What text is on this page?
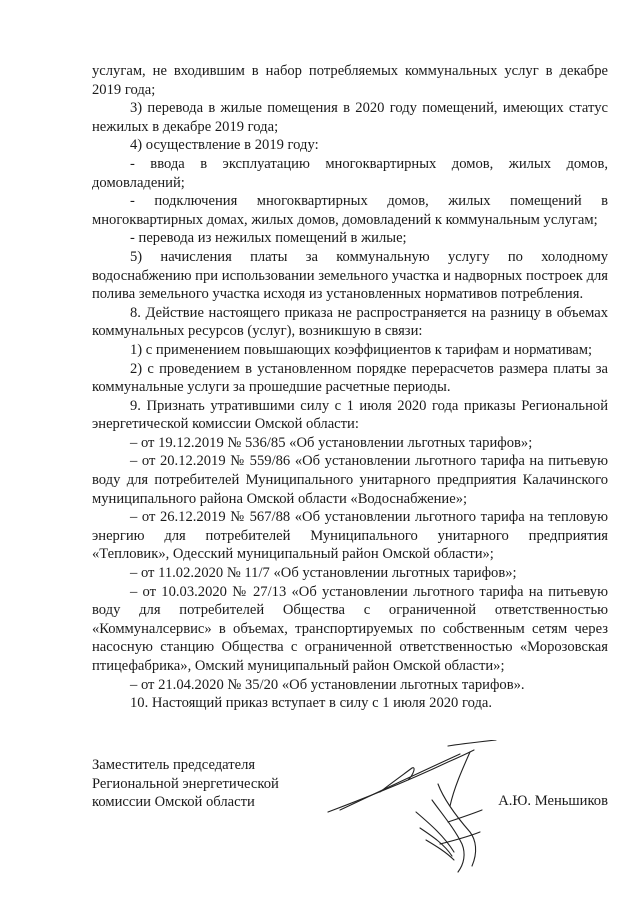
услугам, не входившим в набор потребляемых коммунальных услуг в декабре 2019 года;

3) перевода в жилые помещения в 2020 году помещений, имеющих статус нежилых в декабре 2019 года;

4) осуществление в 2019 году:

- ввода в эксплуатацию многоквартирных домов, жилых домов, домовладений;

- подключения многоквартирных домов, жилых помещений в многоквартирных домах, жилых домов, домовладений к коммунальным услугам;

- перевода из нежилых помещений в жилые;

5) начисления платы за коммунальную услугу по холодному водоснабжению при использовании земельного участка и надворных построек для полива земельного участка исходя из установленных нормативов потребления.

8. Действие настоящего приказа не распространяется на разницу в объемах коммунальных ресурсов (услуг), возникшую в связи:

1) с применением повышающих коэффициентов к тарифам и нормативам;

2) с проведением в установленном порядке перерасчетов размера платы за коммунальные услуги за прошедшие расчетные периоды.

9. Признать утратившими силу с 1 июля 2020 года приказы Региональной энергетической комиссии Омской области:

– от 19.12.2019 № 536/85 «Об установлении льготных тарифов»;

– от 20.12.2019 № 559/86 «Об установлении льготного тарифа на питьевую воду для потребителей Муниципального унитарного предприятия Калачинского муниципального района Омской области «Водоснабжение»;

– от 26.12.2019 № 567/88 «Об установлении льготного тарифа на тепловую энергию для потребителей Муниципального унитарного предприятия «Тепловик», Одесский муниципальный район Омской области»;

– от 11.02.2020 № 11/7 «Об установлении льготных тарифов»;

– от 10.03.2020 № 27/13 «Об установлении льготного тарифа на питьевую воду для потребителей Общества с ограниченной ответственностью «Коммуналсервис» в объемах, транспортируемых по собственным сетям через насосную станцию Общества с ограниченной ответственностью «Морозовская птицефабрика», Омский муниципальный район Омской области»;

– от 21.04.2020 № 35/20 «Об установлении льготных тарифов».

10. Настоящий приказ вступает в силу с 1 июля 2020 года.

Заместитель председателя
Региональной энергетической
комиссии Омской области	А.Ю. Меньшиков
